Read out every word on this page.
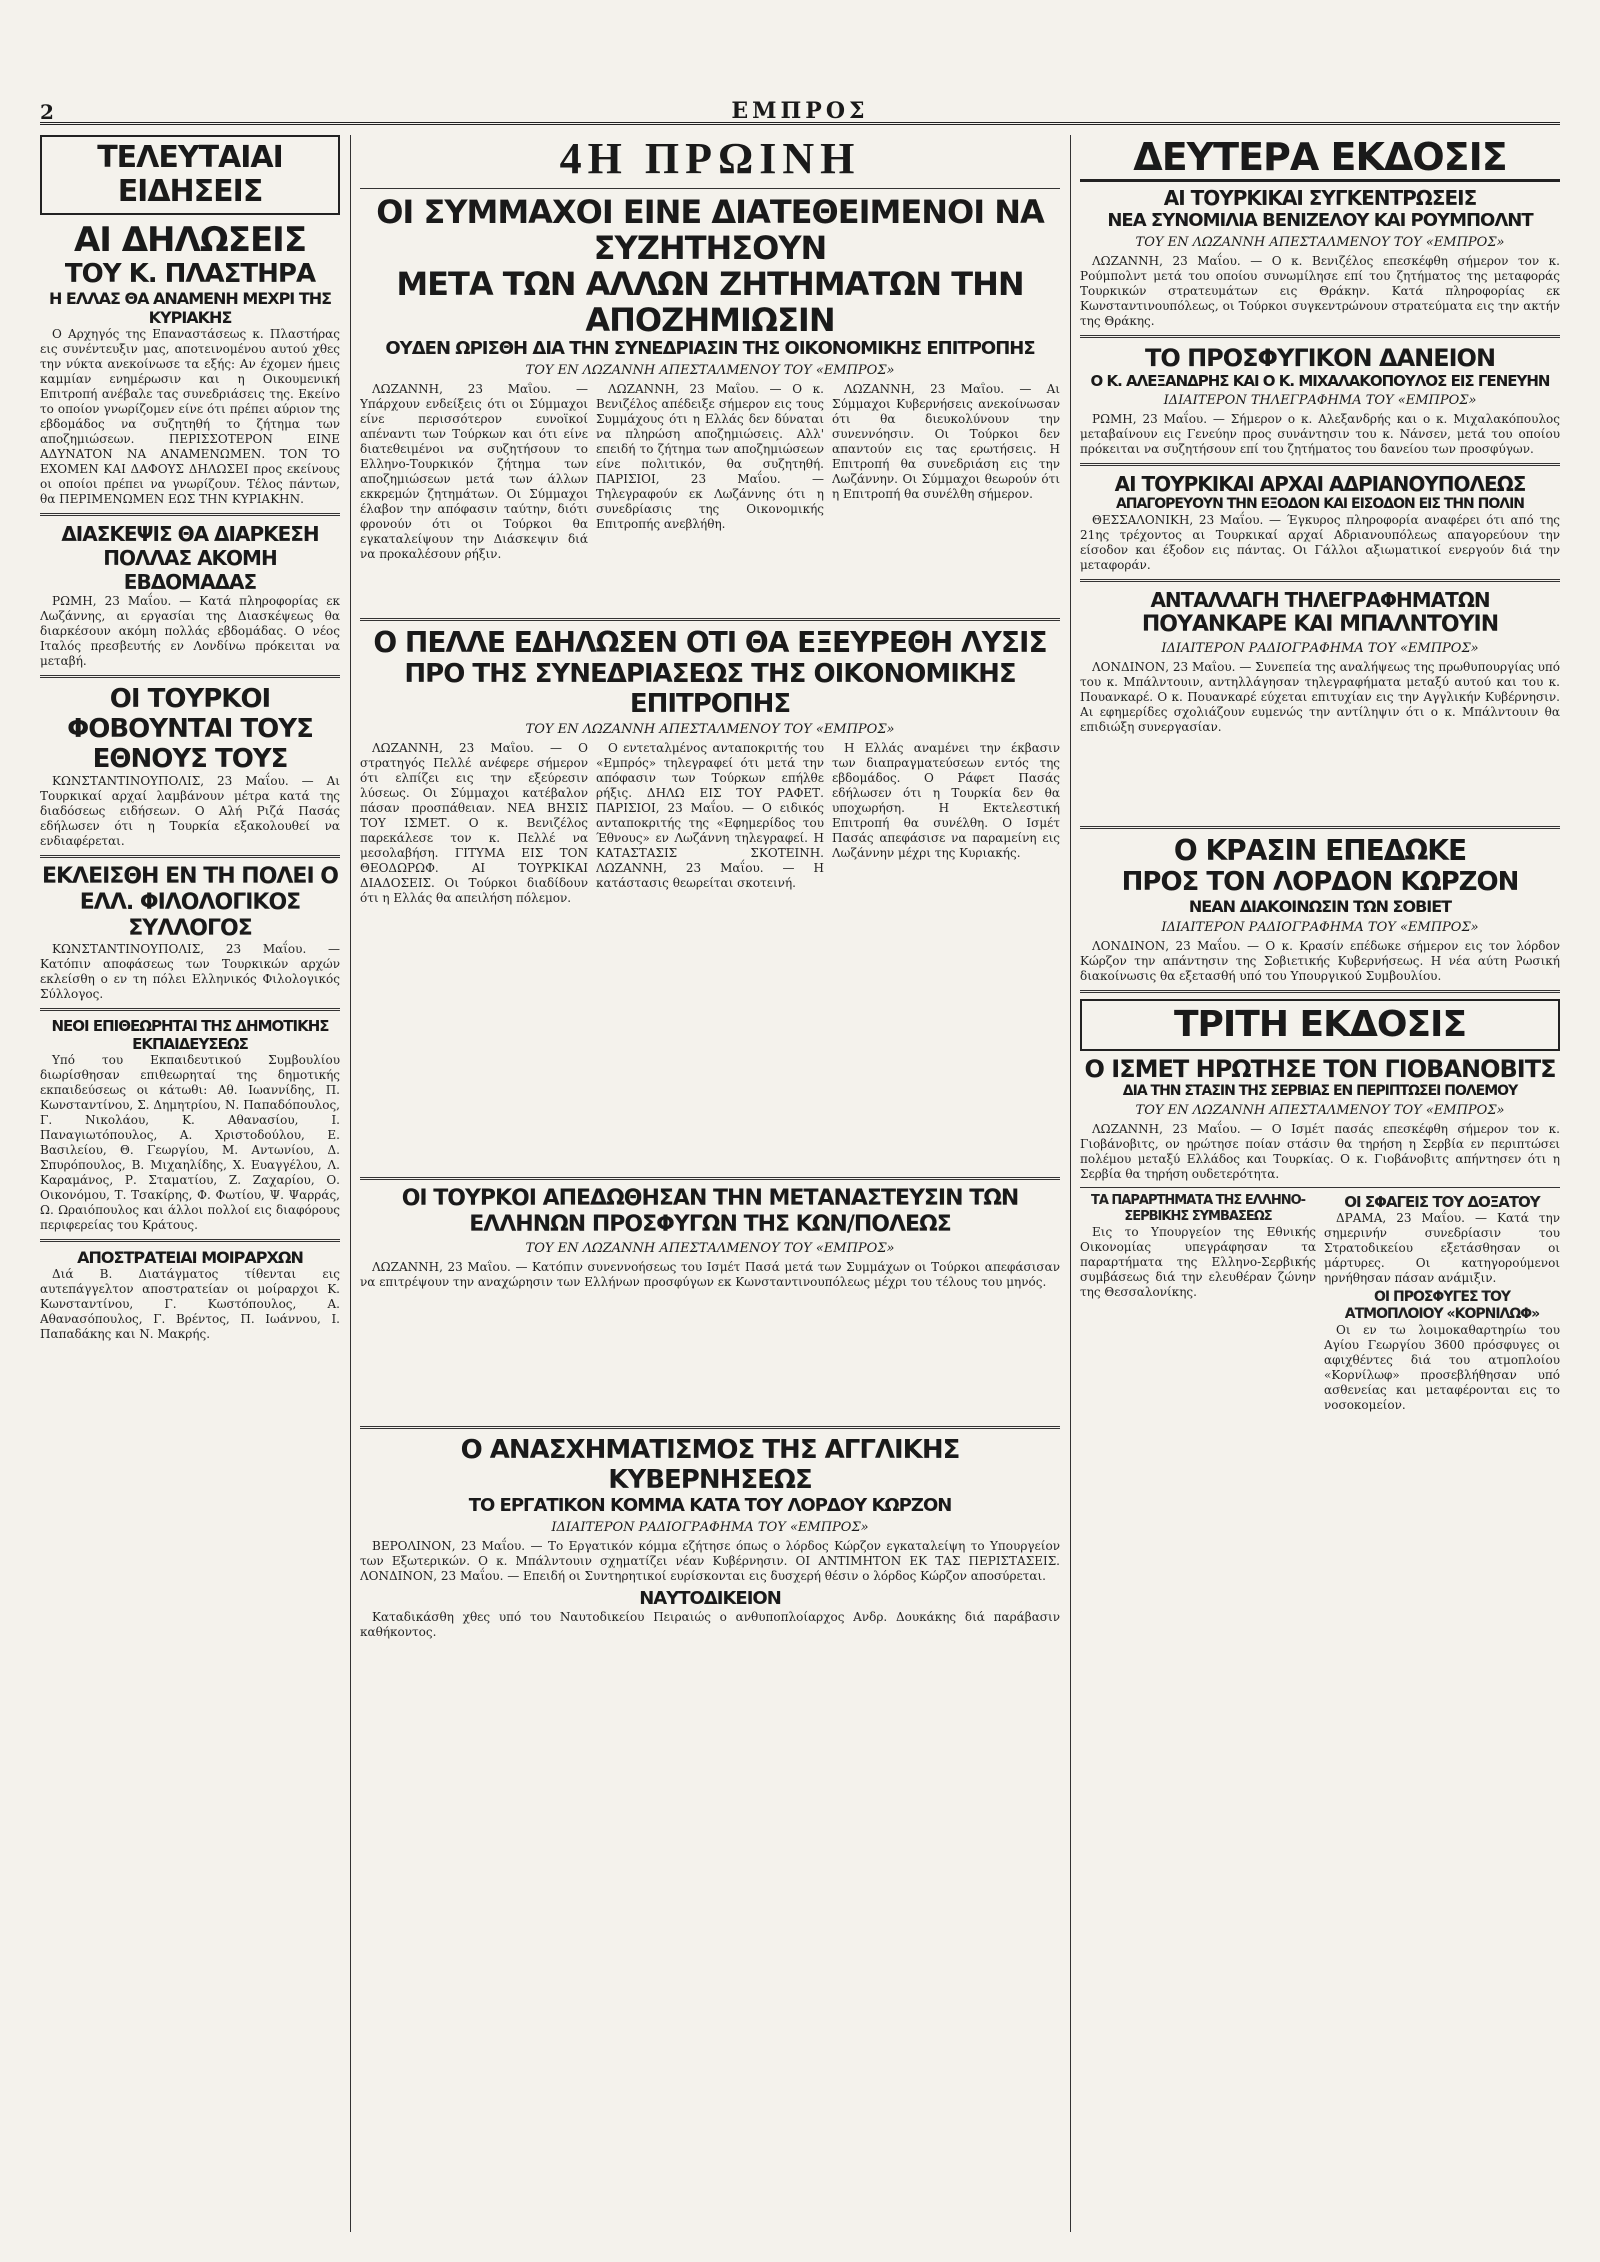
2	ΕΜΠΡΟΣ
ΤΕΛΕΥΤΑΙΑΙ ΕΙΔΗΣΕΙΣ
ΑΙ ΔΗΛΩΣΕΙΣ
ΤΟΥ Κ. ΠΛΑΣΤΗΡΑ
Η ΕΛΛΑΣ ΘΑ ΑΝΑΜΕΝΗ ΜΕΧΡΙ ΤΗΣ ΚΥΡΙΑΚΗΣ

Ο Αρχηγός της Επαναστάσεως κ. Πλαστήρας εις συνέντευξιν μας, αποτεινομένου αυτού χθες την νύκτα ανεκοίνωσε τα εξής: Αν έχομεν ήμεις καμμίαν ενημέρωσιν και η Οικουμενική Επιτροπή ανέβαλε τας συνεδριάσεις της. Εκείνο το οποίον γνωρίζομεν είνε ότι πρέπει αύριον της εβδομάδος να συζητηθή το ζήτημα των αποζημιώσεων. ΠΕΡΙΣΣΟΤΕΡΟΝ ΕΙΝΕ ΑΔΥΝΑΤΟΝ ΝΑ ΑΝΑΜΕΝΩΜΕΝ. ΤΟΝ ΤΟ ΕΧΟΜΕΝ ΚΑΙ ΔΑΦΟΥΣ ΔΗΛΩΣΕΙ προς εκείνους οι οποίοι πρέπει να γνωρίζουν. Τέλος πάντων, θα ΠΕΡΙΜΕΝΩΜΕΝ ΕΩΣ ΤΗΝ ΚΥΡΙΑΚΗΝ.

ΔΙΑΣΚΕΨΙΣ ΘΑ ΔΙΑΡΚΕΣΗ ΠΟΛΛΑΣ ΑΚΟΜΗ ΕΒΔΟΜΑΔΑΣ

ΡΩΜΗ, 23 Μαΐου. — Κατά πληροφορίας εκ Λωζάννης, αι εργασίαι της Διασκέψεως θα διαρκέσουν ακόμη πολλάς εβδομάδας. Ο νέος Ιταλός πρεσβευτής εν Λονδίνω πρόκειται να μεταβή.

ΟΙ ΤΟΥΡΚΟΙ ΦΟΒΟΥΝΤΑΙ ΤΟΥΣ ΕΘΝΟΥΣ ΤΟΥΣ

ΚΩΝΣΤΑΝΤΙΝΟΥΠΟΛΙΣ, 23 Μαΐου. — Αι Τουρκικαί αρχαί λαμβάνουν μέτρα κατά της διαδόσεως ειδήσεων. Ο Αλή Ριζά Πασάς εδήλωσεν ότι η Τουρκία εξακολουθεί να ενδιαφέρεται.

ΕΚΛΕΙΣΘΗ ΕΝ ΤΗ ΠΟΛΕΙ Ο ΕΛΛ. ΦΙΛΟΛΟΓΙΚΟΣ ΣΥΛΛΟΓΟΣ

ΚΩΝΣΤΑΝΤΙΝΟΥΠΟΛΙΣ, 23 Μαΐου. — Κατόπιν αποφάσεως των Τουρκικών αρχών εκλείσθη ο εν τη πόλει Ελληνικός Φιλολογικός Σύλλογος.

ΝΕΟΙ ΕΠΙΘΕΩΡΗΤΑΙ ΤΗΣ ΔΗΜΟΤΙΚΗΣ ΕΚΠΑΙΔΕΥΣΕΩΣ

Υπό του Εκπαιδευτικού Συμβουλίου διωρίσθησαν επιθεωρηταί της δημοτικής εκπαιδεύσεως οι κάτωθι: Αθ. Ιωαννίδης, Π. Κωνσταντίνου, Σ. Δημητρίου, Ν. Παπαδόπουλος, Γ. Νικολάου, Κ. Αθανασίου, Ι. Παναγιωτόπουλος, Α. Χριστοδούλου, Ε. Βασιλείου, Θ. Γεωργίου, Μ. Αντωνίου, Δ. Σπυρόπουλος, Β. Μιχαηλίδης, Χ. Ευαγγέλου, Λ. Καραμάνος, Ρ. Σταματίου, Ζ. Ζαχαρίου, Ο. Οικονόμου, Τ. Τσακίρης, Φ. Φωτίου, Ψ. Ψαρράς, Ω. Ωραιόπουλος και άλλοι πολλοί εις διαφόρους περιφερείας του Κράτους.

ΑΠΟΣΤΡΑΤΕΙΑΙ ΜΟΙΡΑΡΧΩΝ

Διά Β. Διατάγματος τίθενται εις αυτεπάγγελτον αποστρατείαν οι μοίραρχοι Κ. Κωνσταντίνου, Γ. Κωστόπουλος, Α. Αθανασόπουλος, Γ. Βρέντος, Π. Ιωάννου, Ι. Παπαδάκης και Ν. Μακρής.

4Η ΠΡΩΙΝΗ
ΟΙ ΣΥΜΜΑΧΟΙ ΕΙΝΕ ΔΙΑΤΕΘΕΙΜΕΝΟΙ ΝΑ ΣΥΖΗΤΗΣΟΥΝ
ΜΕΤΑ ΤΩΝ ΑΛΛΩΝ ΖΗΤΗΜΑΤΩΝ ΤΗΝ ΑΠΟΖΗΜΙΩΣΙΝ
ΟΥΔΕΝ ΩΡΙΣΘΗ ΔΙΑ ΤΗΝ ΣΥΝΕΔΡΙΑΣΙΝ ΤΗΣ ΟΙΚΟΝΟΜΙΚΗΣ ΕΠΙΤΡΟΠΗΣ
ΤΟΥ ΕΝ ΛΩΖΑΝΝΗ ΑΠΕΣΤΑΛΜΕΝΟΥ ΤΟΥ «ΕΜΠΡΟΣ»

ΛΩΖΑΝΝΗ, 23 Μαΐου. — Υπάρχουν ενδείξεις ότι οι Σύμμαχοι είνε περισσότερον ευνοϊκοί απέναντι των Τούρκων και ότι είνε διατεθειμένοι να συζητήσουν το Ελληνο-Τουρκικόν ζήτημα των αποζημιώσεων μετά των άλλων εκκρεμών ζητημάτων. Οι Σύμμαχοι έλαβον την απόφασιν ταύτην, διότι φρονούν ότι οι Τούρκοι θα εγκαταλείψουν την Διάσκεψιν διά να προκαλέσουν ρήξιν.

ΛΩΖΑΝΝΗ, 23 Μαΐου. — Ο κ. Βενιζέλος απέδειξε σήμερον εις τους Συμμάχους ότι η Ελλάς δεν δύναται να πληρώση αποζημιώσεις. Αλλ' επειδή το ζήτημα των αποζημιώσεων είνε πολιτικόν, θα συζητηθή. ΠΑΡΙΣΙΟΙ, 23 Μαΐου. — Τηλεγραφούν εκ Λωζάννης ότι η συνεδρίασις της Οικονομικής Επιτροπής ανεβλήθη.

ΛΩΖΑΝΝΗ, 23 Μαΐου. — Αι Σύμμαχοι Κυβερνήσεις ανεκοίνωσαν ότι θα διευκολύνουν την συνεννόησιν. Οι Τούρκοι δεν απαντούν εις τας ερωτήσεις. Η Επιτροπή θα συνεδριάση εις την Λωζάννην. Οι Σύμμαχοι θεωρούν ότι η Επιτροπή θα συνέλθη σήμερον.

Ο ΠΕΛΛΕ ΕΔΗΛΩΣΕΝ ΟΤΙ ΘΑ ΕΞΕΥΡΕΘΗ ΛΥΣΙΣ
ΠΡΟ ΤΗΣ ΣΥΝΕΔΡΙΑΣΕΩΣ ΤΗΣ ΟΙΚΟΝΟΜΙΚΗΣ ΕΠΙΤΡΟΠΗΣ
ΤΟΥ ΕΝ ΛΩΖΑΝΝΗ ΑΠΕΣΤΑΛΜΕΝΟΥ ΤΟΥ «ΕΜΠΡΟΣ»

ΛΩΖΑΝΝΗ, 23 Μαΐου. — Ο στρατηγός Πελλέ ανέφερε σήμερον ότι ελπίζει εις την εξεύρεσιν λύσεως. Οι Σύμμαχοι κατέβαλον πάσαν προσπάθειαν. ΝΕΑ ΒΗΣΙΣ ΤΟΥ ΙΣΜΕΤ. Ο κ. Βενιζέλος παρεκάλεσε τον κ. Πελλέ να μεσολαβήση. ΓΙΤΥΜΑ ΕΙΣ ΤΟΝ ΘΕΟΔΩΡΩΦ. ΑΙ ΤΟΥΡΚΙΚΑΙ ΔΙΑΔΟΣΕΙΣ. Οι Τούρκοι διαδίδουν ότι η Ελλάς θα απειλήση πόλεμον.

Ο εντεταλμένος ανταποκριτής του «Εμπρός» τηλεγραφεί ότι μετά την απόφασιν των Τούρκων επήλθε ρήξις. ΔΗΛΩ ΕΙΣ ΤΟΥ ΡΑΦΕΤ. ΠΑΡΙΣΙΟΙ, 23 Μαΐου. — Ο ειδικός ανταποκριτής της «Εφημερίδος του Έθνους» εν Λωζάννη τηλεγραφεί. Η ΚΑΤΑΣΤΑΣΙΣ ΣΚΟΤΕΙΝΗ. ΛΩΖΑΝΝΗ, 23 Μαΐου. — Η κατάστασις θεωρείται σκοτεινή.

Η Ελλάς αναμένει την έκβασιν των διαπραγματεύσεων εντός της εβδομάδος. Ο Ράφετ Πασάς εδήλωσεν ότι η Τουρκία δεν θα υποχωρήση. Η Εκτελεστική Επιτροπή θα συνέλθη. Ο Ισμέτ Πασάς απεφάσισε να παραμείνη εις Λωζάννην μέχρι της Κυριακής.

ΟΙ ΤΟΥΡΚΟΙ ΑΠΕΔΩΘΗΣΑΝ ΤΗΝ ΜΕΤΑΝΑΣΤΕΥΣΙΝ ΤΩΝ ΕΛΛΗΝΩΝ ΠΡΟΣΦΥΓΩΝ ΤΗΣ ΚΩΝ/ΠΟΛΕΩΣ
ΤΟΥ ΕΝ ΛΩΖΑΝΝΗ ΑΠΕΣΤΑΛΜΕΝΟΥ ΤΟΥ «ΕΜΠΡΟΣ»

ΛΩΖΑΝΝΗ, 23 Μαΐου. — Κατόπιν συνεννοήσεως του Ισμέτ Πασά μετά των Συμμάχων οι Τούρκοι απεφάσισαν να επιτρέψουν την αναχώρησιν των Ελλήνων προσφύγων εκ Κωνσταντινουπόλεως μέχρι του τέλους του μηνός.

Ο ΑΝΑΣΧΗΜΑΤΙΣΜΟΣ ΤΗΣ ΑΓΓΛΙΚΗΣ ΚΥΒΕΡΝΗΣΕΩΣ
ΤΟ ΕΡΓΑΤΙΚΟΝ ΚΟΜΜΑ ΚΑΤΑ ΤΟΥ ΛΟΡΔΟΥ ΚΩΡΖΟΝ
ΙΔΙΑΙΤΕΡΟΝ ΡΑΔΙΟΓΡΑΦΗΜΑ ΤΟΥ «ΕΜΠΡΟΣ»

ΒΕΡΟΛΙΝΟΝ, 23 Μαΐου. — Το Εργατικόν κόμμα εζήτησε όπως ο λόρδος Κώρζον εγκαταλείψη το Υπουργείον των Εξωτερικών. Ο κ. Μπάλντουιν σχηματίζει νέαν Κυβέρνησιν. ΟΙ ΑΝΤΙΜΗΤΟΝ ΕΚ ΤΑΣ ΠΕΡΙΣΤΑΣΕΙΣ. ΛΟΝΔΙΝΟΝ, 23 Μαΐου. — Επειδή οι Συντηρητικοί ευρίσκονται εις δυσχερή θέσιν ο λόρδος Κώρζον αποσύρεται.

ΝΑΥΤΟΔΙΚΕΙΟΝ

Καταδικάσθη χθες υπό του Ναυτοδικείου Πειραιώς ο ανθυποπλοίαρχος Ανδρ. Δουκάκης διά παράβασιν καθήκοντος.

ΔΕΥΤΕΡΑ ΕΚΔΟΣΙΣ
ΑΙ ΤΟΥΡΚΙΚΑΙ ΣΥΓΚΕΝΤΡΩΣΕΙΣ
ΝΕΑ ΣΥΝΟΜΙΛΙΑ ΒΕΝΙΖΕΛΟΥ ΚΑΙ ΡΟΥΜΠΟΛΝΤ
ΤΟΥ ΕΝ ΛΩΖΑΝΝΗ ΑΠΕΣΤΑΛΜΕΝΟΥ ΤΟΥ «ΕΜΠΡΟΣ»

ΛΩΖΑΝΝΗ, 23 Μαΐου. — Ο κ. Βενιζέλος επεσκέφθη σήμερον τον κ. Ρούμπολντ μετά του οποίου συνωμίλησε επί του ζητήματος της μεταφοράς Τουρκικών στρατευμάτων εις Θράκην. Κατά πληροφορίας εκ Κωνσταντινουπόλεως, οι Τούρκοι συγκεντρώνουν στρατεύματα εις την ακτήν της Θράκης.

ΤΟ ΠΡΟΣΦΥΓΙΚΟΝ ΔΑΝΕΙΟΝ
Ο Κ. ΑΛΕΞΑΝΔΡΗΣ ΚΑΙ Ο Κ. ΜΙΧΑΛΑΚΟΠΟΥΛΟΣ ΕΙΣ ΓΕΝΕΥΗΝ
ΙΔΙΑΙΤΕΡΟΝ ΤΗΛΕΓΡΑΦΗΜΑ ΤΟΥ «ΕΜΠΡΟΣ»

ΡΩΜΗ, 23 Μαΐου. — Σήμερον ο κ. Αλεξανδρής και ο κ. Μιχαλακόπουλος μεταβαίνουν εις Γενεύην προς συνάντησιν του κ. Νάνσεν, μετά του οποίου πρόκειται να συζητήσουν επί του ζητήματος του δανείου των προσφύγων.

ΑΙ ΤΟΥΡΚΙΚΑΙ ΑΡΧΑΙ ΑΔΡΙΑΝΟΥΠΟΛΕΩΣ
ΑΠΑΓΟΡΕΥΟΥΝ ΤΗΝ ΕΞΟΔΟΝ ΚΑΙ ΕΙΣΟΔΟΝ ΕΙΣ ΤΗΝ ΠΟΛΙΝ

ΘΕΣΣΑΛΟΝΙΚΗ, 23 Μαΐου. — Έγκυρος πληροφορία αναφέρει ότι από της 21ης τρέχοντος αι Τουρκικαί αρχαί Αδριανουπόλεως απαγορεύουν την είσοδον και έξοδον εις πάντας. Οι Γάλλοι αξιωματικοί ενεργούν διά την μεταφοράν.

ΑΝΤΑΛΛΑΓΗ ΤΗΛΕΓΡΑΦΗΜΑΤΩΝ
ΠΟΥΑΝΚΑΡΕ ΚΑΙ ΜΠΑΛΝΤΟΥΙΝ
ΙΔΙΑΙΤΕΡΟΝ ΡΑΔΙΟΓΡΑΦΗΜΑ ΤΟΥ «ΕΜΠΡΟΣ»

ΛΟΝΔΙΝΟΝ, 23 Μαΐου. — Συνεπεία της αναλήψεως της πρωθυπουργίας υπό του κ. Μπάλντουιν, αντηλλάγησαν τηλεγραφήματα μεταξύ αυτού και του κ. Πουανκαρέ. Ο κ. Πουανκαρέ εύχεται επιτυχίαν εις την Αγγλικήν Κυβέρνησιν. Αι εφημερίδες σχολιάζουν ευμενώς την αντίληψιν ότι ο κ. Μπάλντουιν θα επιδιώξη συνεργασίαν.

Ο ΚΡΑΣΙΝ ΕΠΕΔΩΚΕ
ΠΡΟΣ ΤΟΝ ΛΟΡΔΟΝ ΚΩΡΖΟΝ
ΝΕΑΝ ΔΙΑΚΟΙΝΩΣΙΝ ΤΩΝ ΣΟΒΙΕΤ
ΙΔΙΑΙΤΕΡΟΝ ΡΑΔΙΟΓΡΑΦΗΜΑ ΤΟΥ «ΕΜΠΡΟΣ»

ΛΟΝΔΙΝΟΝ, 23 Μαΐου. — Ο κ. Κρασίν επέδωκε σήμερον εις τον λόρδον Κώρζον την απάντησιν της Σοβιετικής Κυβερνήσεως. Η νέα αύτη Ρωσική διακοίνωσις θα εξετασθή υπό του Υπουργικού Συμβουλίου.

ΤΡΙΤΗ ΕΚΔΟΣΙΣ
Ο ΙΣΜΕΤ ΗΡΩΤΗΣΕ ΤΟΝ ΓΙΟΒΑΝΟΒΙΤΣ
ΔΙΑ ΤΗΝ ΣΤΑΣΙΝ ΤΗΣ ΣΕΡΒΙΑΣ ΕΝ ΠΕΡΙΠΤΩΣΕΙ ΠΟΛΕΜΟΥ
ΤΟΥ ΕΝ ΛΩΖΑΝΝΗ ΑΠΕΣΤΑΛΜΕΝΟΥ ΤΟΥ «ΕΜΠΡΟΣ»

ΛΩΖΑΝΝΗ, 23 Μαΐου. — Ο Ισμέτ πασάς επεσκέφθη σήμερον τον κ. Γιοβάνοβιτς, ον ηρώτησε ποίαν στάσιν θα τηρήση η Σερβία εν περιπτώσει πολέμου μεταξύ Ελλάδος και Τουρκίας. Ο κ. Γιοβάνοβιτς απήντησεν ότι η Σερβία θα τηρήση ουδετερότητα.

ΤΑ ΠΑΡΑΡΤΗΜΑΤΑ ΤΗΣ ΕΛΛΗΝΟ-ΣΕΡΒΙΚΗΣ ΣΥΜΒΑΣΕΩΣ

Εις το Υπουργείον της Εθνικής Οικονομίας υπεγράφησαν τα παραρτήματα της Ελληνο-Σερβικής συμβάσεως διά την ελευθέραν ζώνην της Θεσσαλονίκης.

ΟΙ ΣΦΑΓΕΙΣ ΤΟΥ ΔΟΞΑΤΟΥ

ΔΡΑΜΑ, 23 Μαΐου. — Κατά την σημερινήν συνεδρίασιν του Στρατοδικείου εξετάσθησαν οι μάρτυρες. Οι κατηγορούμενοι ηρνήθησαν πάσαν ανάμιξιν.

ΟΙ ΠΡΟΣΦΥΓΕΣ ΤΟΥ ΑΤΜΟΠΛΟΙΟΥ «ΚΟΡΝΙΛΩΦ»

Οι εν τω λοιμοκαθαρτηρίω του Αγίου Γεωργίου 3600 πρόσφυγες οι αφιχθέντες διά του ατμοπλοίου «Κορνίλωφ» προσεβλήθησαν υπό ασθενείας και μεταφέρονται εις το νοσοκομείον.
